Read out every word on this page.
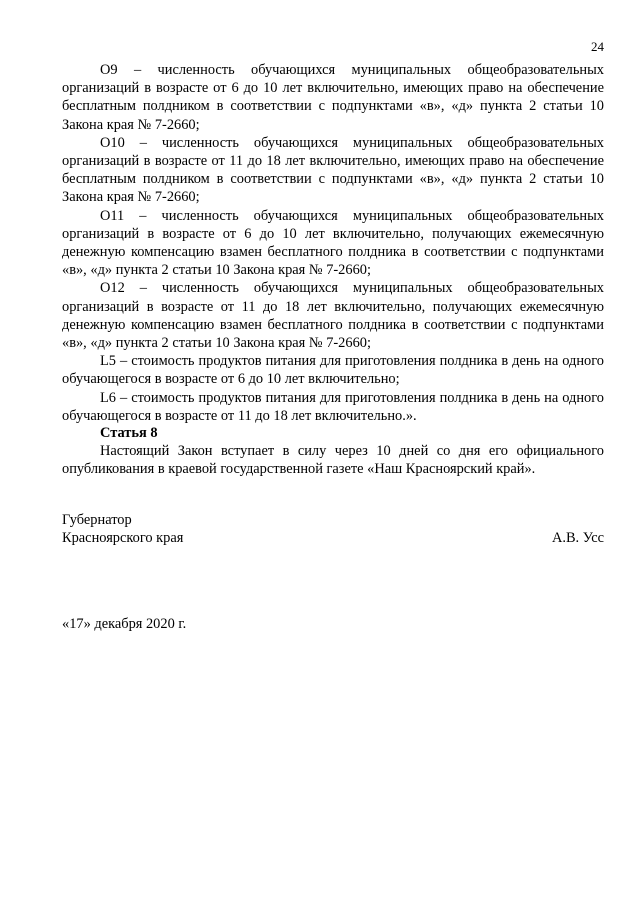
24

O9 – численность обучающихся муниципальных общеобразовательных организаций в возрасте от 6 до 10 лет включительно, имеющих право на обеспечение бесплатным полдником в соответствии с подпунктами «в», «д» пункта 2 статьи 10 Закона края № 7-2660;

O10 – численность обучающихся муниципальных общеобразовательных организаций в возрасте от 11 до 18 лет включительно, имеющих право на обеспечение бесплатным полдником в соответствии с подпунктами «в», «д» пункта 2 статьи 10 Закона края № 7-2660;

O11 – численность обучающихся муниципальных общеобразовательных организаций в возрасте от 6 до 10 лет включительно, получающих ежемесячную денежную компенсацию взамен бесплатного полдника в соответствии с подпунктами «в», «д» пункта 2 статьи 10 Закона края № 7-2660;

O12 – численность обучающихся муниципальных общеобразовательных организаций в возрасте от 11 до 18 лет включительно, получающих ежемесячную денежную компенсацию взамен бесплатного полдника в соответствии с подпунктами «в», «д» пункта 2 статьи 10 Закона края № 7-2660;

L5 – стоимость продуктов питания для приготовления полдника в день на одного обучающегося в возрасте от 6 до 10 лет включительно;

L6 – стоимость продуктов питания для приготовления полдника в день на одного обучающегося в возрасте от 11 до 18 лет включительно.».

Статья 8

Настоящий Закон вступает в силу через 10 дней со дня его официального опубликования в краевой государственной газете «Наш Красноярский край».

Губернатор
Красноярского края	А.В. Усс
«17» декабря 2020 г.
